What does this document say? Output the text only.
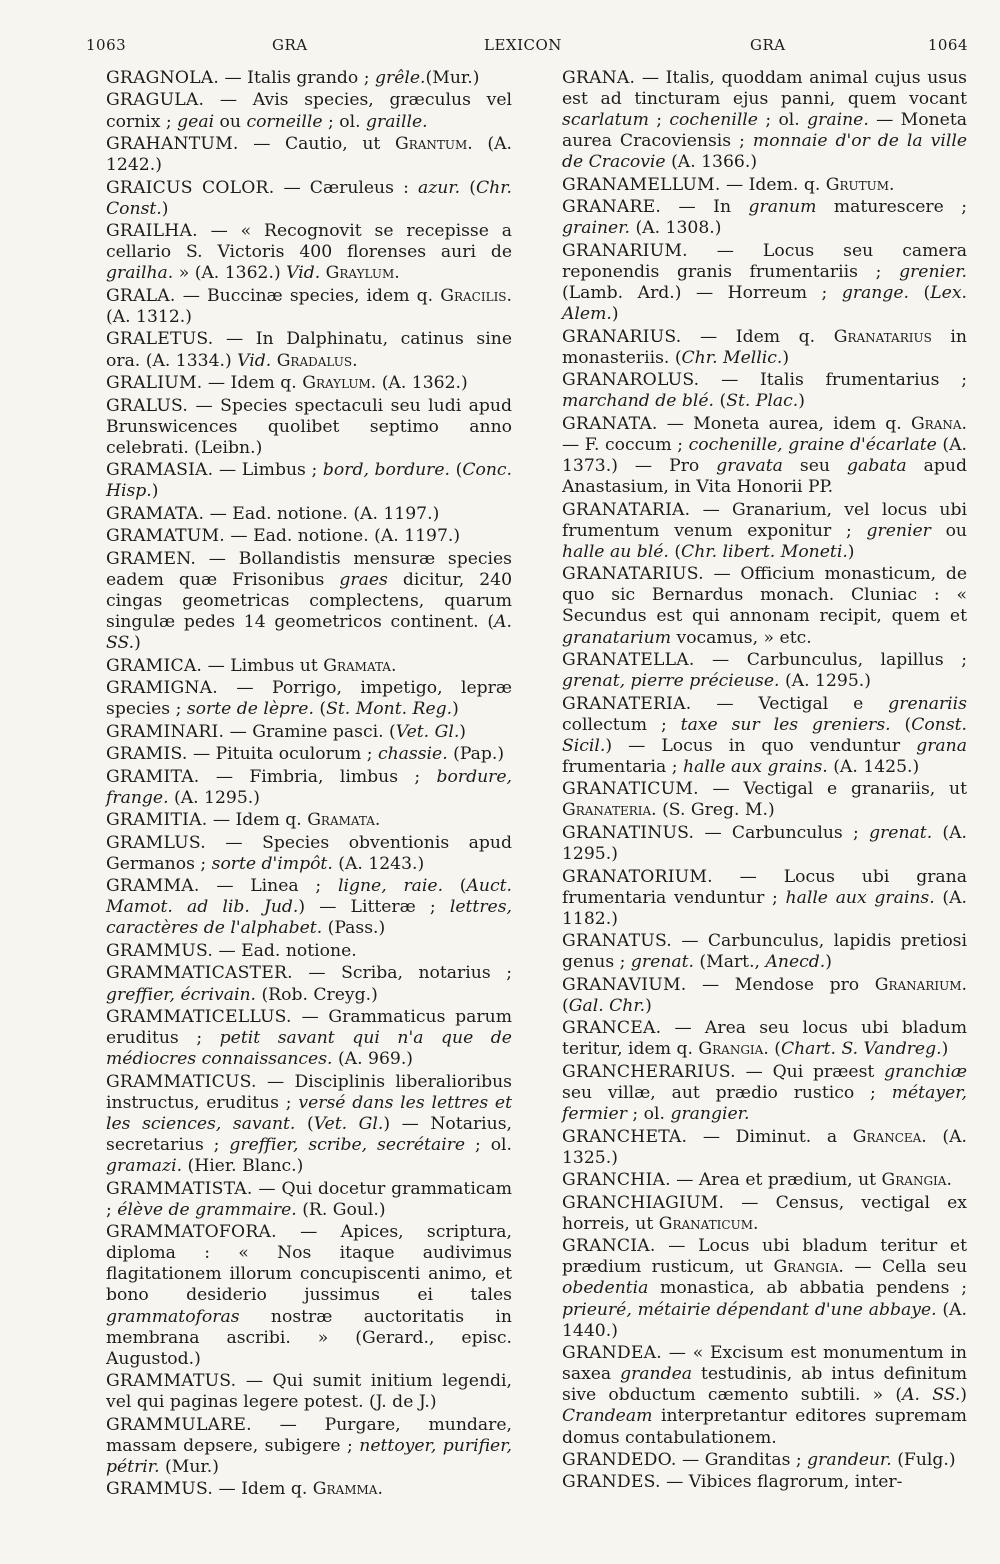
1063	GRA	LEXICON	GRA	1064

GRAGNOLA. — Italis grando ; grêle.(Mur.)

GRAGULA. — Avis species, græculus vel cornix ; geai ou corneille ; ol. graille.

GRAHANTUM. — Cautio, ut Grantum. (A. 1242.)

GRAICUS COLOR. — Cæruleus : azur. (Chr. Const.)

GRAILHA. — « Recognovit se recepisse a cellario S. Victoris 400 florenses auri de grailha. » (A. 1362.) Vid. Graylum.

GRALA. — Buccinæ species, idem q. Gracilis. (A. 1312.)

GRALETUS. — In Dalphinatu, catinus sine ora. (A. 1334.) Vid. Gradalus.

GRALIUM. — Idem q. Graylum. (A. 1362.)

GRALUS. — Species spectaculi seu ludi apud Brunswicences quolibet septimo anno celebrati. (Leibn.)

GRAMASIA. — Limbus ; bord, bordure. (Conc. Hisp.)

GRAMATA. — Ead. notione. (A. 1197.)

GRAMATUM. — Ead. notione. (A. 1197.)

GRAMEN. — Bollandistis mensuræ species eadem quæ Frisonibus graes dicitur, 240 cingas geometricas complectens, quarum singulæ pedes 14 geometricos continent. (A. SS.)

GRAMICA. — Limbus ut Gramata.

GRAMIGNA. — Porrigo, impetigo, lepræ species ; sorte de lèpre. (St. Mont. Reg.)

GRAMINARI. — Gramine pasci. (Vet. Gl.)

GRAMIS. — Pituita oculorum ; chassie. (Pap.)

GRAMITA. — Fimbria, limbus ; bordure, frange. (A. 1295.)

GRAMITIA. — Idem q. Gramata.

GRAMLUS. — Species obventionis apud Germanos ; sorte d'impôt. (A. 1243.)

GRAMMA. — Linea ; ligne, raie. (Auct. Mamot. ad lib. Jud.) — Litteræ ; lettres, caractères de l'alphabet. (Pass.)

GRAMMUS. — Ead. notione.

GRAMMATICASTER. — Scriba, notarius ; greffier, écrivain. (Rob. Creyg.)

GRAMMATICELLUS. — Grammaticus parum eruditus ; petit savant qui n'a que de médiocres connaissances. (A. 969.)

GRAMMATICUS. — Disciplinis liberalioribus instructus, eruditus ; versé dans les lettres et les sciences, savant. (Vet. Gl.) — Notarius, secretarius ; greffier, scribe, secrétaire ; ol. gramazi. (Hier. Blanc.)

GRAMMATISTA. — Qui docetur grammaticam ; élève de grammaire. (R. Goul.)

GRAMMATOFORA. — Apices, scriptura, diploma : « Nos itaque audivimus flagitationem illorum concupiscenti animo, et bono desiderio jussimus ei tales grammatoforas nostræ auctoritatis in membrana ascribi. » (Gerard., episc. Augustod.)

GRAMMATUS. — Qui sumit initium legendi, vel qui paginas legere potest. (J. de J.)

GRAMMULARE. — Purgare, mundare, massam depsere, subigere ; nettoyer, purifier, pétrir. (Mur.)

GRAMMUS. — Idem q. Gramma.

GRANA. — Italis, quoddam animal cujus usus est ad tincturam ejus panni, quem vocant scarlatum ; cochenille ; ol. graine. — Moneta aurea Cracoviensis ; monnaie d'or de la ville de Cracovie (A. 1366.)

GRANAMELLUM. — Idem. q. Grutum.

GRANARE. — In granum maturescere ; grainer. (A. 1308.)

GRANARIUM. — Locus seu camera reponendis granis frumentariis ; grenier. (Lamb. Ard.) — Horreum ; grange. (Lex. Alem.)

GRANARIUS. — Idem q. Granatarius in monasteriis. (Chr. Mellic.)

GRANAROLUS. — Italis frumentarius ; marchand de blé. (St. Plac.)

GRANATA. — Moneta aurea, idem q. Grana. — F. coccum ; cochenille, graine d'écarlate (A. 1373.) — Pro gravata seu gabata apud Anastasium, in Vita Honorii PP.

GRANATARIA. — Granarium, vel locus ubi frumentum venum exponitur ; grenier ou halle au blé. (Chr. libert. Moneti.)

GRANATARIUS. — Officium monasticum, de quo sic Bernardus monach. Cluniac : « Secundus est qui annonam recipit, quem et granatarium vocamus, » etc.

GRANATELLA. — Carbunculus, lapillus ; grenat, pierre précieuse. (A. 1295.)

GRANATERIA. — Vectigal e grenariis collectum ; taxe sur les greniers. (Const. Sicil.) — Locus in quo venduntur grana frumentaria ; halle aux grains. (A. 1425.)

GRANATICUM. — Vectigal e granariis, ut Granateria. (S. Greg. M.)

GRANATINUS. — Carbunculus ; grenat. (A. 1295.)

GRANATORIUM. — Locus ubi grana frumentaria venduntur ; halle aux grains. (A. 1182.)

GRANATUS. — Carbunculus, lapidis pretiosi genus ; grenat. (Mart., Anecd.)

GRANAVIUM. — Mendose pro Granarium. (Gal. Chr.)

GRANCEA. — Area seu locus ubi bladum teritur, idem q. Grangia. (Chart. S. Vandreg.)

GRANCHERARIUS. — Qui præest granchiæ seu villæ, aut prædio rustico ; métayer, fermier ; ol. grangier.

GRANCHETA. — Diminut. a Grancea. (A. 1325.)

GRANCHIA. — Area et prædium, ut Grangia.

GRANCHIAGIUM. — Census, vectigal ex horreis, ut Granaticum.

GRANCIA. — Locus ubi bladum teritur et prædium rusticum, ut Grangia. — Cella seu obedentia monastica, ab abbatia pendens ; prieuré, métairie dépendant d'une abbaye. (A. 1440.)

GRANDEA. — « Excisum est monumentum in saxea grandea testudinis, ab intus definitum sive obductum cæmento subtili. » (A. SS.) Crandeam interpretantur editores supremam domus contabulationem.

GRANDEDO. — Granditas ; grandeur. (Fulg.)

GRANDES. — Vibices flagrorum, inter-
